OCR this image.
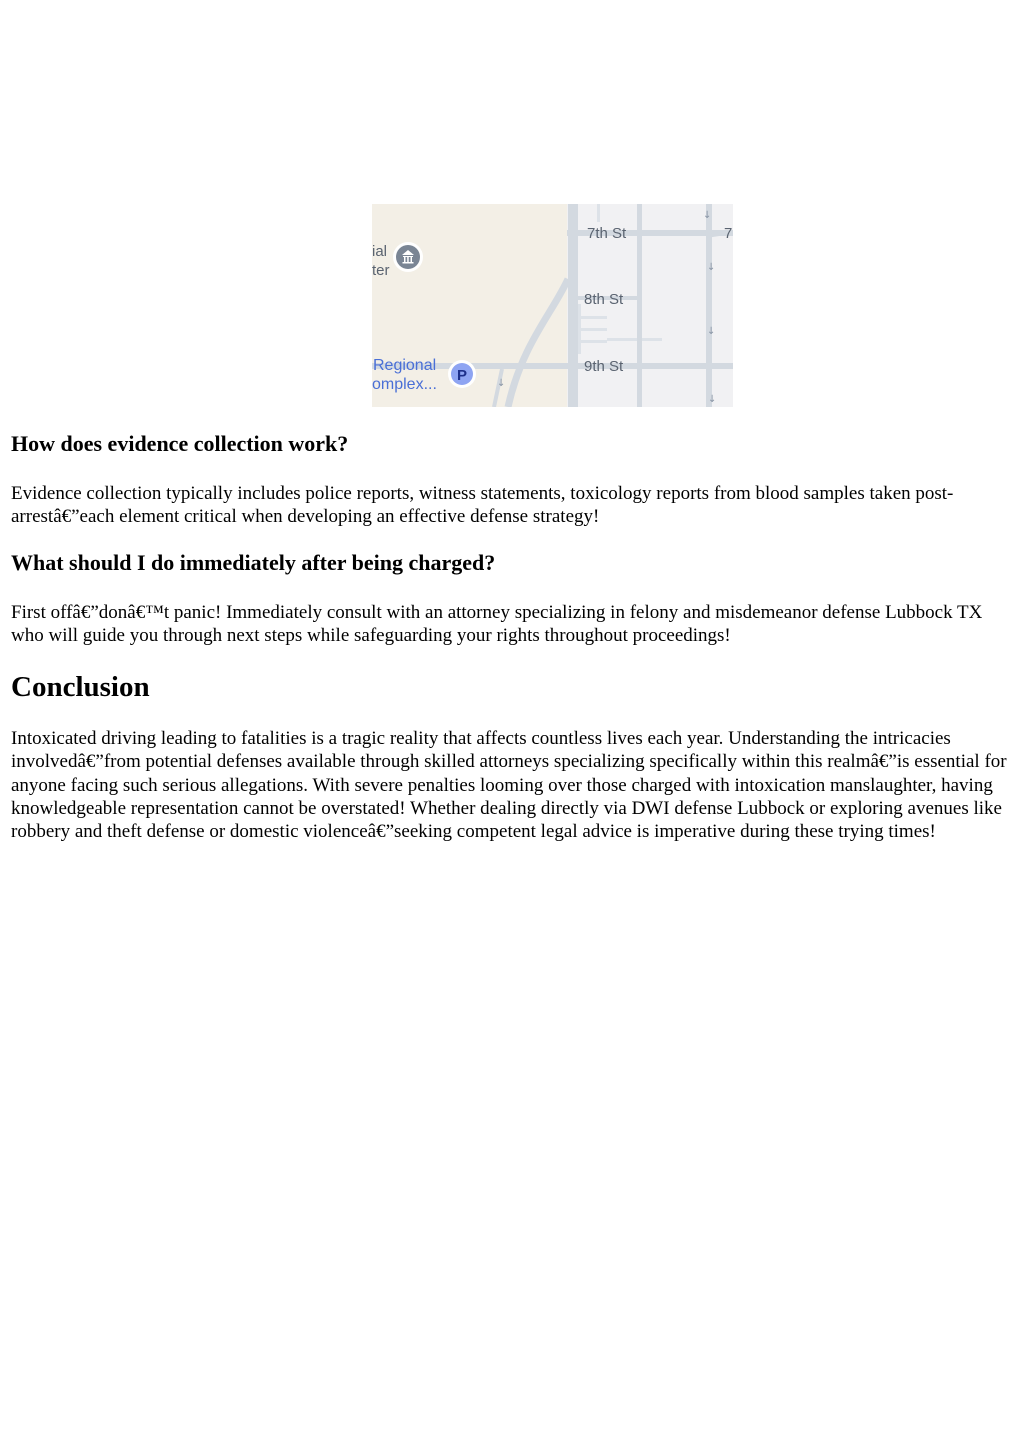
↓
↓
↓
↓
↓
7th St
8th St
9th St
7
ial
ter
Regional
omplex...
P
How does evidence collection work?

Evidence collection typically includes police reports, witness statements, toxicology reports from blood samples taken post-arrestâ€”each element critical when developing an effective defense strategy!

What should I do immediately after being charged?

First offâ€”donâ€™t panic! Immediately consult with an attorney specializing in felony and misdemeanor defense Lubbock TX who will guide you through next steps while safeguarding your rights throughout proceedings!

Conclusion

Intoxicated driving leading to fatalities is a tragic reality that affects countless lives each year. Understanding the intricacies involvedâ€”from potential defenses available through skilled attorneys specializing specifically within this realmâ€”is essential for anyone facing such serious allegations. With severe penalties looming over those charged with intoxication manslaughter, having knowledgeable representation cannot be overstated! Whether dealing directly via DWI defense Lubbock or exploring avenues like robbery and theft defense or domestic violenceâ€”seeking competent legal advice is imperative during these trying times!
